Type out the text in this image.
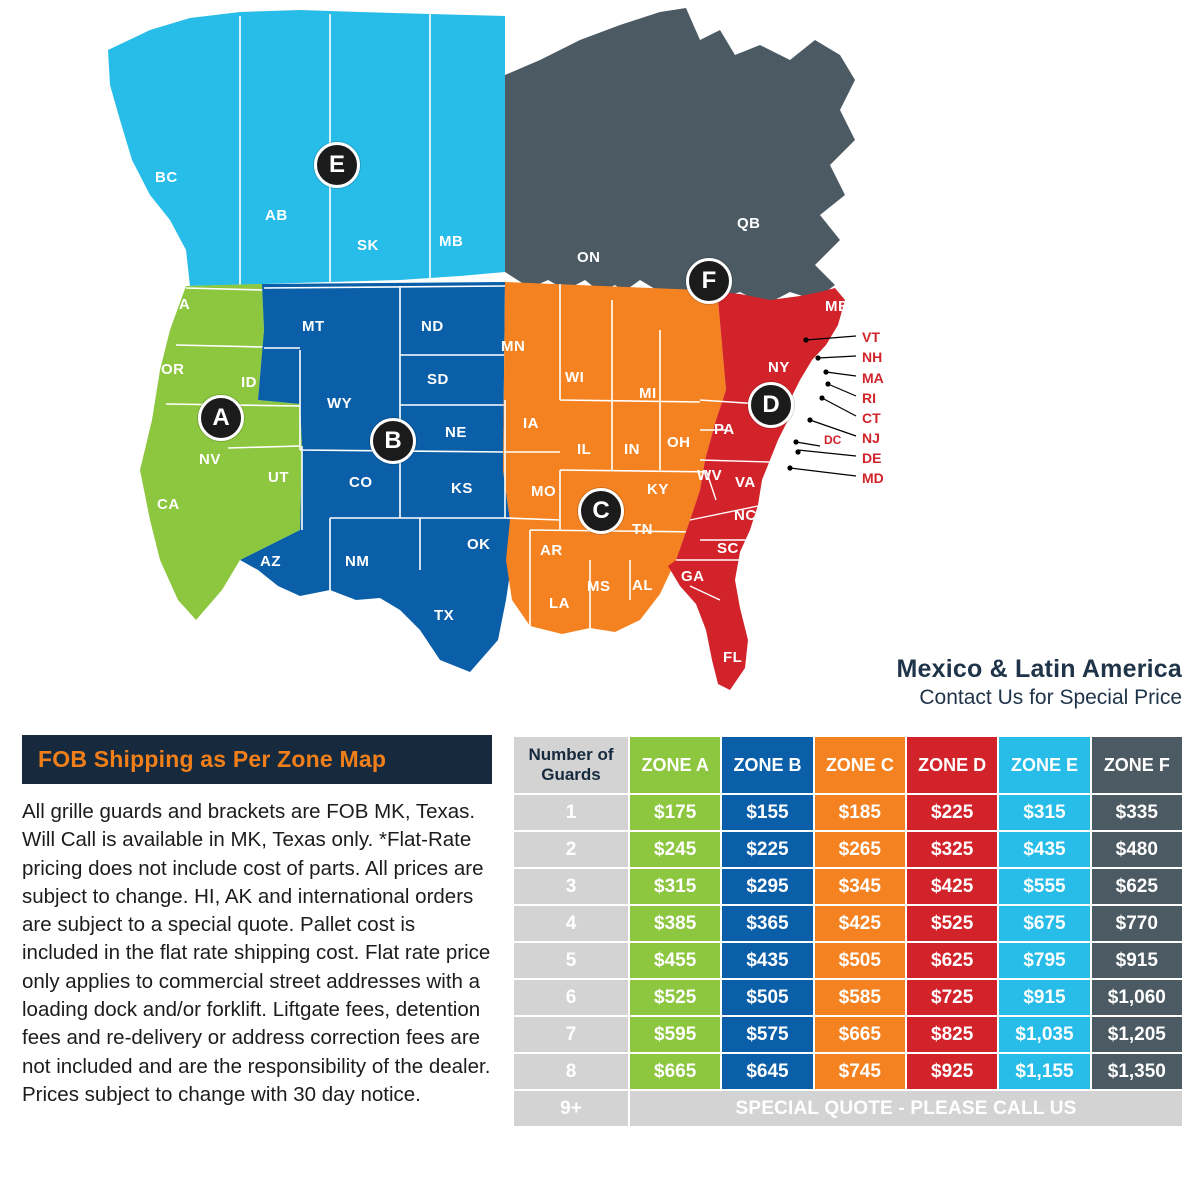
BC
AB
SK	MB
ON
QB
WA
OR
ID
MT	ND
SD
MN
WI
MI
ME
WY
NE
IA
IL IN OH
NY
PA
NV
UT	CO	KS	MO	KY
WV VA
CA
TN
NC
OK	AR	SC
AZ	NM
MS AL
GA
LA
TX
FL
VT
NH
MA
RI
CT
NJ
DC
DE
MD
A
B
C
D
E
F
Mexico & Latin America
Contact Us for Special Price
FOB Shipping as Per Zone Map
All grille guards and brackets are FOB MK, Texas. Will Call is available in MK, Texas only. *Flat-Rate pricing does not include cost of parts. All prices are subject to change. HI, AK and international orders are subject to a special quote. Pallet cost is included in the flat rate shipping cost. Flat rate price only applies to commercial street addresses with a loading dock and/or forklift. Liftgate fees, detention fees and re-delivery or address correction fees are not included and are the responsibility of the dealer. Prices subject to change with 30 day notice.
Number of Guards	ZONE A	ZONE B	ZONE C	ZONE D	ZONE E	ZONE F
1	$175	$155	$185	$225	$315	$335
2	$245	$225	$265	$325	$435	$480
3	$315	$295	$345	$425	$555	$625
4	$385	$365	$425	$525	$675	$770
5	$455	$435	$505	$625	$795	$915
6	$525	$505	$585	$725	$915	$1,060
7	$595	$575	$665	$825	$1,035	$1,205
8	$665	$645	$745	$925	$1,155	$1,350
9+	SPECIAL QUOTE - PLEASE CALL US					
